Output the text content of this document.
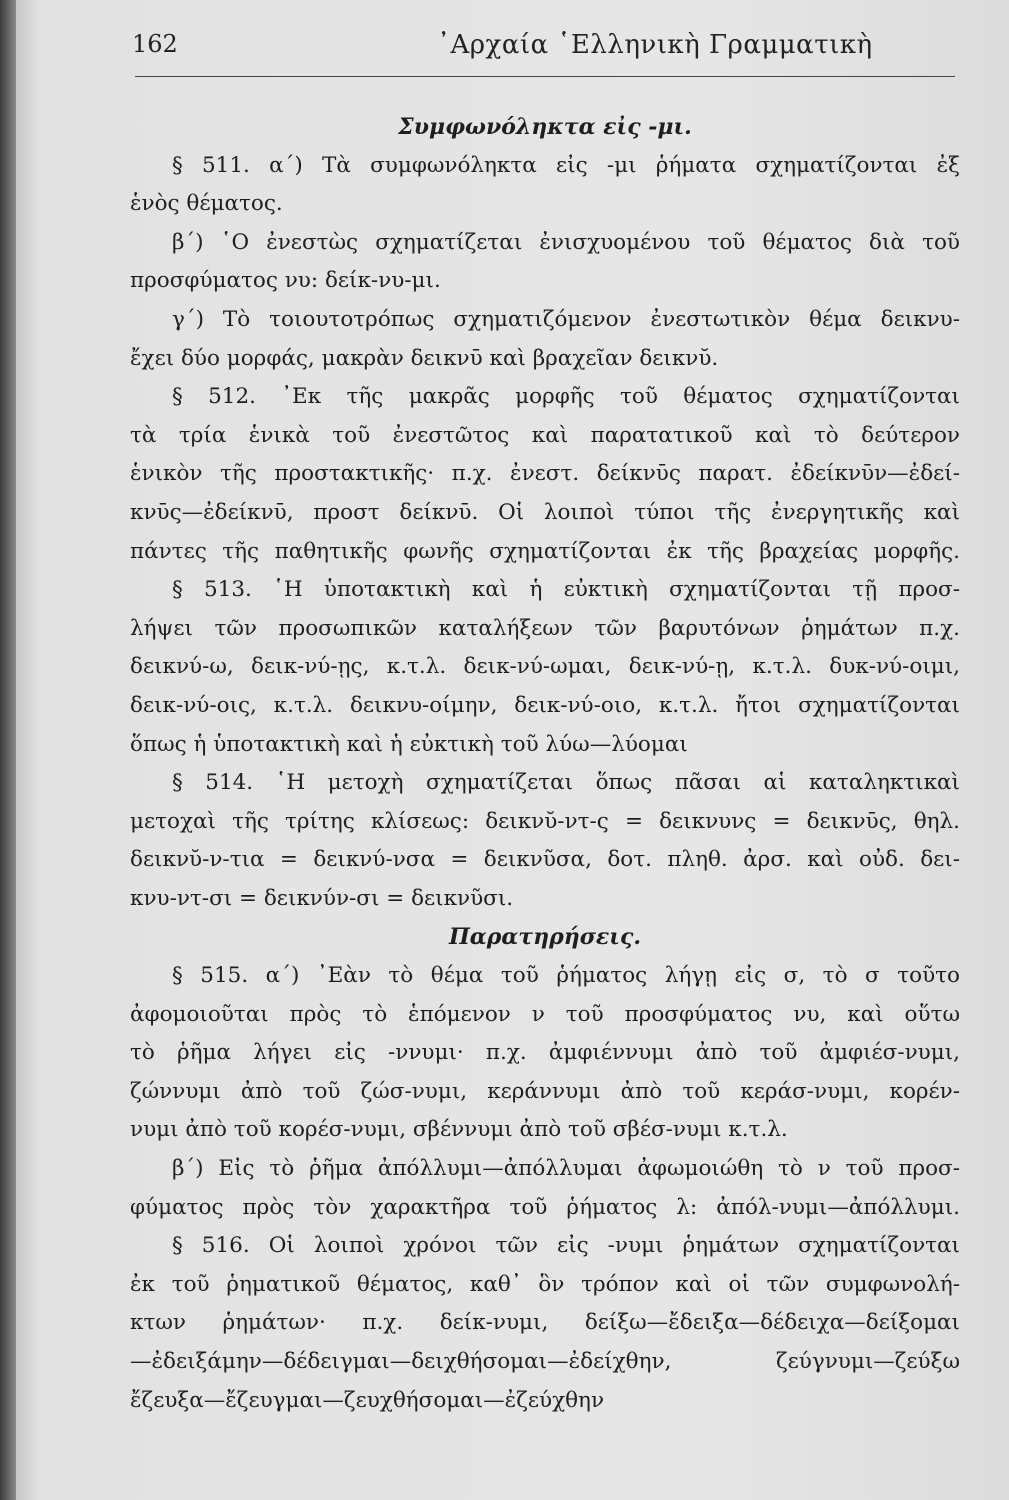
162	᾿Αρχαία ῾Ελληνικὴ Γραμματικὴ
Συμφωνόληκτα εἰς -μι.
§ 511. α΄) Τὰ συμφωνόληκτα εἰς -μι ῥήματα σχηματίζονται ἐξ
ἑνὸς θέματος.
β΄) ῾Ο ἐνεστὼς σχηματίζεται ἐνισχυομένου τοῦ θέματος διὰ τοῦ
προσφύματος νυ: δείκ-νυ-μι.
γ΄) Τὸ τοιουτοτρόπως σχηματιζόμενον ἐνεστωτικὸν θέμα δεικνυ-
ἔχει δύο μορφάς, μακρὰν δεικνῡ καὶ βραχεῖαν δεικνῠ.
§ 512. ᾿Εκ τῆς μακρᾶς μορφῆς τοῦ θέματος σχηματίζονται
τὰ τρία ἑνικὰ τοῦ ἐνεστῶτος καὶ παρατατικοῦ καὶ τὸ δεύτερον
ἑνικὸν τῆς προστακτικῆς· π.χ. ἐνεστ. δείκνῡς παρατ. ἐδείκνῡν—ἐδεί-
κνῡς—ἐδείκνῡ, προστ δείκνῡ. Οἱ λοιποὶ τύποι τῆς ἐνεργητικῆς καὶ
πάντες τῆς παθητικῆς φωνῆς σχηματίζονται ἐκ τῆς βραχείας μορφῆς.
§ 513. ῾Η ὑποτακτικὴ καὶ ἡ εὐκτικὴ σχηματίζονται τῇ προσ-
λήψει τῶν προσωπικῶν καταλήξεων τῶν βαρυτόνων ῥημάτων π.χ.
δεικνύ-ω, δεικ-νύ-ῃς, κ.τ.λ. δεικ-νύ-ωμαι, δεικ-νύ-ῃ, κ.τ.λ. δυκ-νύ-οιμι,
δεικ-νύ-οις, κ.τ.λ. δεικνυ-οίμην, δεικ-νύ-οιο, κ.τ.λ. ἤτοι σχηματίζονται
ὅπως ἡ ὑποτακτικὴ καὶ ἡ εὐκτικὴ τοῦ λύω—λύομαι
§ 514. ῾Η μετοχὴ σχηματίζεται ὅπως πᾶσαι αἱ καταληκτικαὶ
μετοχαὶ τῆς τρίτης κλίσεως: δεικνῠ-ντ-ς = δεικνυνς = δεικνῡς, θηλ.
δεικνῠ-ν-τια = δεικνύ-νσα = δεικνῦσα, δοτ. πληθ. ἀρσ. καὶ οὐδ. δει-
κνυ-ντ-σι = δεικνύν-σι = δεικνῦσι.
Παρατηρήσεις.
§ 515. α΄) ᾿Εὰν τὸ θέμα τοῦ ῥήματος λήγῃ εἰς σ, τὸ σ τοῦτο
ἀφομοιοῦται πρὸς τὸ ἑπόμενον ν τοῦ προσφύματος νυ, καὶ οὕτω
τὸ ῥῆμα λήγει εἰς -ννυμι· π.χ. ἀμφιέννυμι ἀπὸ τοῦ ἀμφιέσ-νυμι,
ζώννυμι ἀπὸ τοῦ ζώσ-νυμι, κεράννυμι ἀπὸ τοῦ κεράσ-νυμι, κορέν-
νυμι ἀπὸ τοῦ κορέσ-νυμι, σβέννυμι ἀπὸ τοῦ σβέσ-νυμι κ.τ.λ.
β΄) Εἰς τὸ ῥῆμα ἀπόλλυμι—ἀπόλλυμαι ἀφωμοιώθη τὸ ν τοῦ προσ-
φύματος πρὸς τὸν χαρακτῆρα τοῦ ῥήματος λ: ἀπόλ-νυμι—ἀπόλλυμι.
§ 516. Οἱ λοιποὶ χρόνοι τῶν εἰς -νυμι ῥημάτων σχηματίζονται
ἐκ τοῦ ῥηματικοῦ θέματος, καθ᾿ ὃν τρόπον καὶ οἱ τῶν συμφωνολή-
κτων ῥημάτων· π.χ. δείκ-νυμι, δείξω—ἔδειξα—δέδειχα—δείξομαι
—ἐδειξάμην—δέδειγμαι—δειχθήσομαι—ἐδείχθην, ζεύγνυμι—ζεύξω
ἔζευξα—ἔζευγμαι—ζευχθήσομαι—ἐζεύχθην
